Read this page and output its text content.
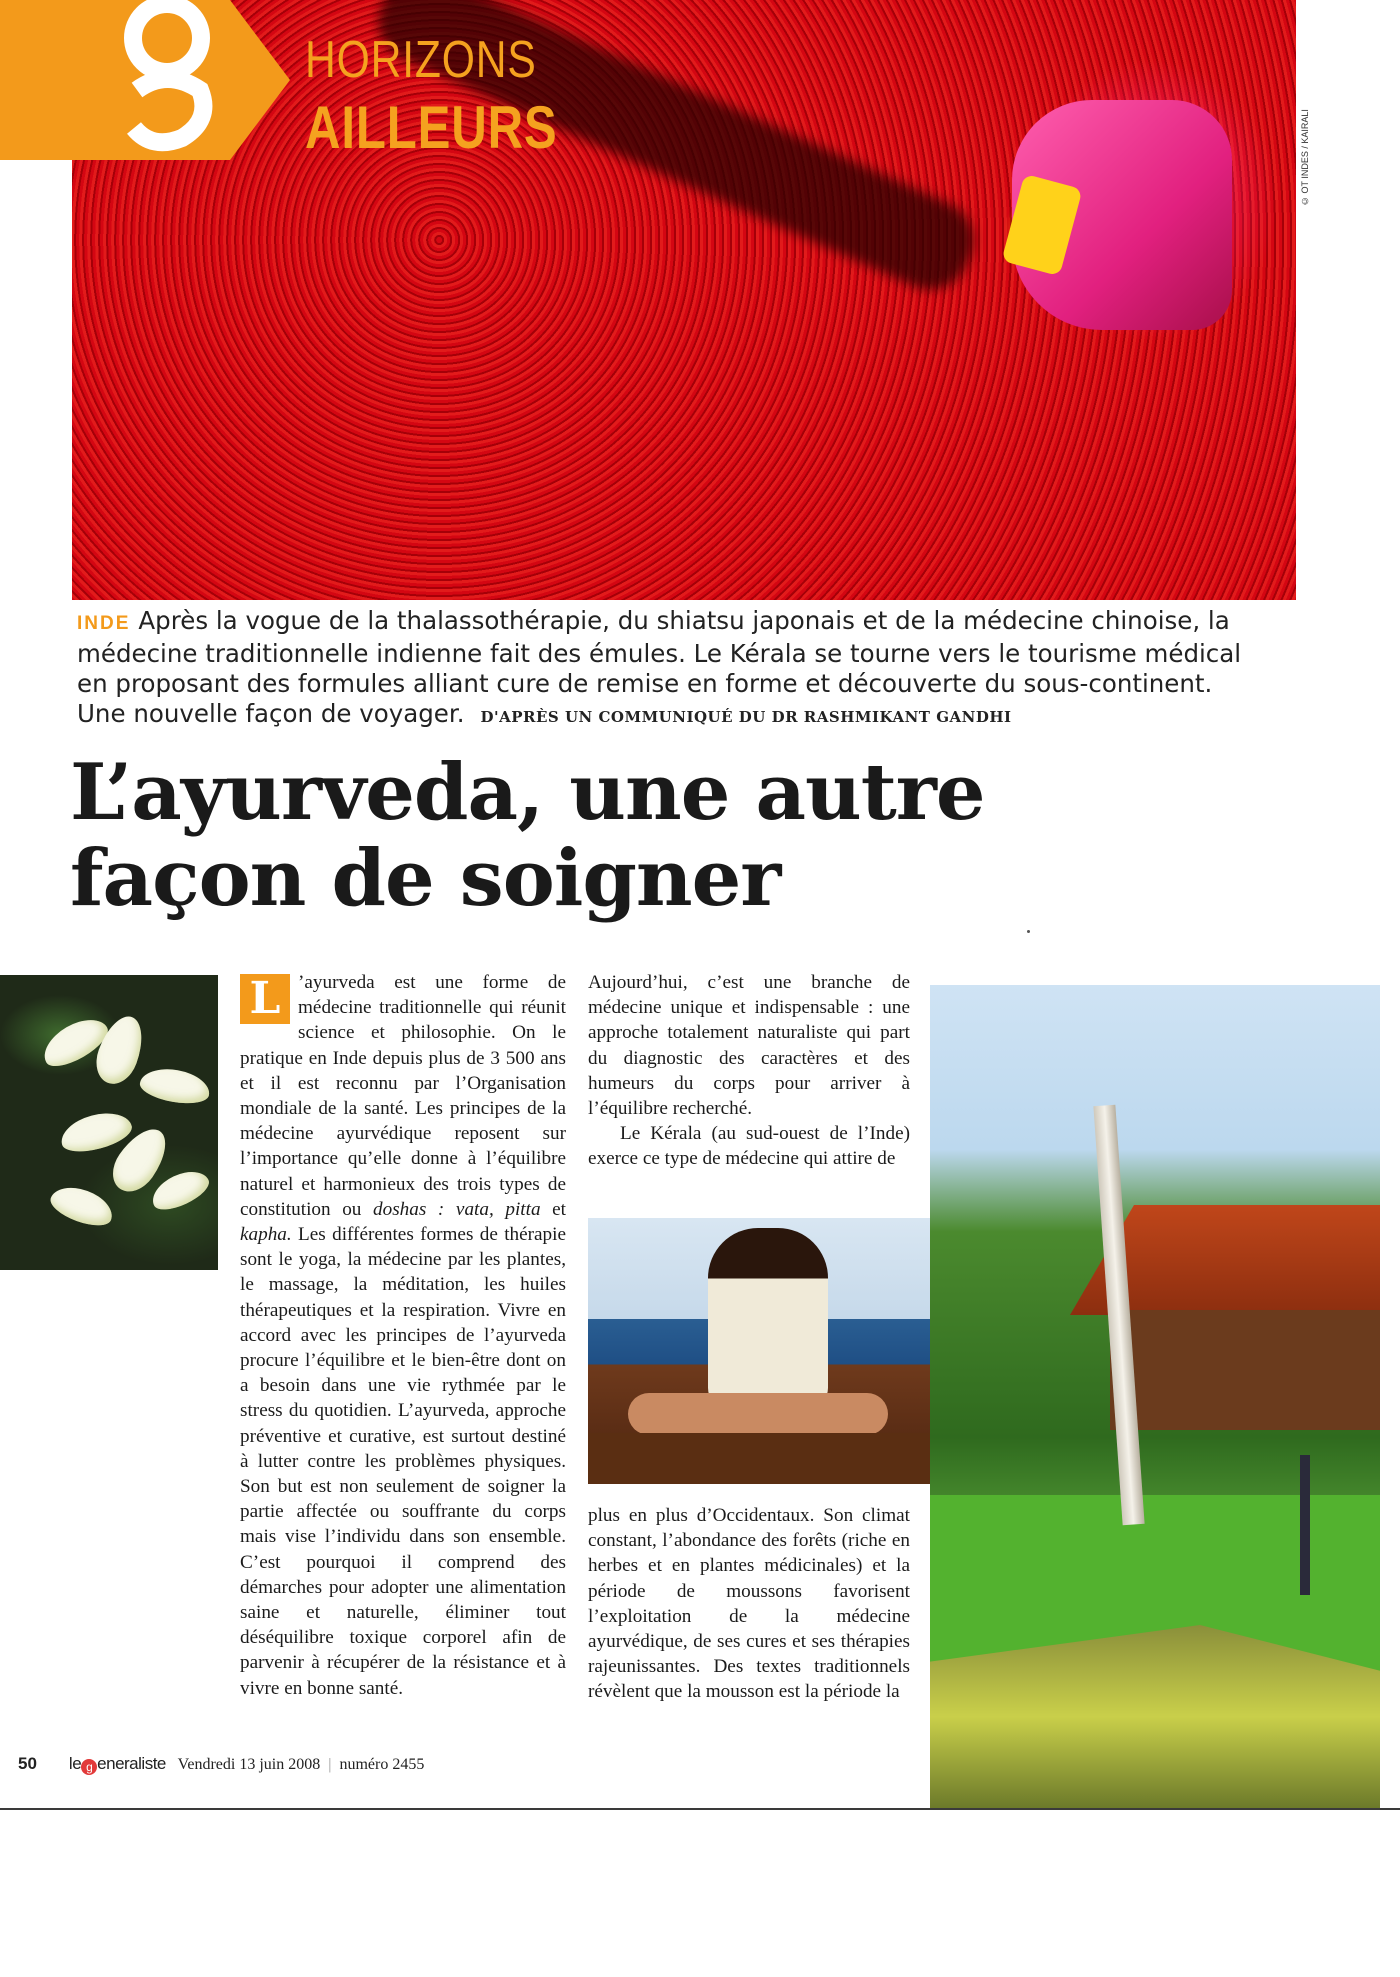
© OT INDES / KAIRALI
HORIZONS
AILLEURS
INDE Après la vogue de la thalassothérapie, du shiatsu japonais et de la médecine chinoise, la médecine traditionnelle indienne fait des émules. Le Kérala se tourne vers le tourisme médical en proposant des formules alliant cure de remise en forme et découverte du sous-continent. Une nouvelle façon de voyager. D'APRÈS UN COMMUNIQUÉ DU DR RASHMIKANT GANDHI
L’ayurveda, une autre
façon de soigner

L ’ayurveda est une forme de médecine traditionnelle qui réunit science et philosophie. On le pratique en Inde depuis plus de 3 500 ans et il est reconnu par l’Organisation mondiale de la santé. Les principes de la médecine ayurvédique reposent sur l’importance qu’elle donne à l’équilibre naturel et harmonieux des trois types de constitution ou doshas : vata, pitta et kapha. Les différentes formes de thérapie sont le yoga, la médecine par les plantes, le massage, la méditation, les huiles thérapeutiques et la respiration. Vivre en accord avec les principes de l’ayurveda procure l’équilibre et le bien-être dont on a besoin dans une vie rythmée par le stress du quotidien. L’ayurveda, approche préventive et curative, est surtout destiné à lutter contre les problèmes physiques. Son but est non seulement de soigner la partie affectée ou souffrante du corps mais vise l’individu dans son ensemble. C’est pourquoi il comprend des démarches pour adopter une alimentation saine et naturelle, éliminer tout déséquilibre toxique corporel afin de parvenir à récupérer de la résistance et à vivre en bonne santé.

Aujourd’hui, c’est une branche de médecine unique et indispensable : une approche totalement naturaliste qui part du diagnostic des caractères et des humeurs du corps pour arriver à l’équilibre recherché.

Le Kérala (au sud-ouest de l’Inde) exerce ce type de médecine qui attire de

plus en plus d’Occidentaux. Son climat constant, l’abondance des forêts (riche en herbes et en plantes médicinales) et la période de moussons favorisent l’exploitation de la médecine ayurvédique, de ses cures et ses thérapies rajeunissantes. Des textes traditionnels révèlent que la mousson est la période la

50 le g eneraliste Vendredi 13 juin 2008 | numéro 2455
